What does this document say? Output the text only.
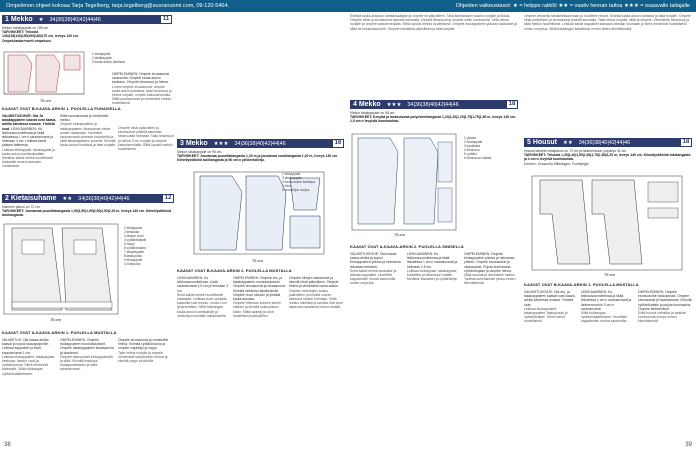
Ompelimon ohjeet kokoaa Tarja Tegelberg, tarja.tegelberg@suuranuomi.com, 09-120-5464.	Ohjeiden vaikeustasot: ★ = helppo ratkilö ★★ = vaativ hernan taitoa ★★★ = osaavalle taitajalle
1 Mekko ★ 34|36|38|40|42|44|46	11
Mekon takakappale on 155 cm.
TARVIKKEET: Trikoota 130|135|140|150|150|160|170 cm, leveys 140 cm. Ompelulanka+vartti ompeluun.
1 etukappale
2 takakappale
3 kaula-aukon kanttaus
75 cm
OMPELEMINEN: Ompele sivusaumat saumurilla. Ompele kaula-aukon kanttaus. Ompele hihansuut ja helma.
Lorem ompele sivusaumat, ompele kaula-aukon kanttaus, taita hihansuut ja helma nurjalle, ompele kaksoisneulalla. Silitä saumanvarat ja viimeistele mekko huolellisesti.
KAAVAT OVAT B-KAAVA-ARKIN 1. PUOLELLA PUNAISELLA
VALMISTUSOHJE: Ota Ja takakappaleen kaavat ovat kaava-arkilla kahdessa osassa. Yhdistä osat. LEIKKAAMINEN: Ks. leikkuusuunnitelmaa ja lisää leikkaessa 1 cm:n saumanvarat ja helmaan 3 cm. Leikkaa kaikki palaset taitteesta.
Leikkaa etukappale, takakappale ja kaula-aukon kanttauskaitale. Merkitse kaikki merkit huolellisesti kankaalle ennen kaavojen irrottamista.
Silitä saumanvarat ja viimeistele mekko.
Ompele etukappaleen ja takakappaleen olkasaumat oikeat puolet vastakkain. Huolittele saumanvarat yhdessä saumurilla ja silitä takakappaleen puolelle. Kiinnitä kaula-aukon kanttaus ja taita nurjalle.
Ompele hihat paikoilleen ja sivusaumat yhdellä saumalla hihansuista helmaan. Taita hihansuut ja helma 3 cm nurjalle ja ompele kaksoisneulalla. Silitä lopuksi mekko huolellisesti.
3 Mekko ★★★ 34|36|38|40|42|44|46	16
Mekon takakappale on 95 cm.
TARVIKKEET: Joustavaa puuvillakangasta 1,30 m ja joustavaa vuorikangasta 1,20 m, leveys 140 cm. Kiinnitystikkinä tukikangasta ja 60 cm:n piilovetoketju.
1 etukappale
2 takakappale
3 kaula-aukon kanttaus
4 hiha
5 vetoketjun suojus
75 cm
KAAVAT OVAT B-KAAVA-ARKIN 2. PUOLELLA MUSTALLA
LEIKKAAMINEN: Ks. leikkuusuunnitelmaa. Lisää saumanvarat 1,5 cm ja helmaan 3 cm.
Siirrä kaikki merkit huolellisesti kankaalle. Leikkaa vuori samoilla kaavoilla kuin mekko, mutta 2 cm lyhyemmäksi. Silitä tukikangas kaula-aukon kanttauksiin ja vetoketjun kohdalle takakeskelle.
OMPELEMINEN: Ompele etu- ja takakappaleen muotolaskokset. Ompele sivusaumat ja olkasaumat. Kiinnitä vetoketju takakeskelle. Ompele vuori samoin ja yhdistä kaula-aukosta.
Ompele helmaan kolmen sentin käänne ja kiinnitä sokkopistoin käsin. Silitä saumat ja vuori huolellisesti paikoilleen.
Ompele hihojen alasaumat ja kiinnitä hihat paikoilleen. Ompele helma ja viimeistele kaula-aukko.
Ompele vetoketjun suojus paikoilleen ja kiinnitä vuoren alareuna mekon helmaan. Silitä mekko valmiiksi ja tarkista että vuori laskeutuu tasaisesti mekon sisällä.
2 Kietaisuhame ★★ 34|36|38|40|42|44|46	12
Hameen pituus on 72 cm.
TARVIKKEET: Joustavaa puuvillakangasta 1,90|1,90|1,90|2,00|2,00|2,20 m, leveys 140 cm. Kiinnitystikkinä tukikangasta.
1 etukappale
2 keskiosa
3 taskun vuori
4 vyötärökaitale
5 nappi
6 vyötärönauha
7 takakappale
8 taskupussi
9 etukappale
10 kieputus
75 cm
KAAVAT OVAT A-KAAVA-ARKIN 1. PUOLELLA MUSTALLA
VALMISTUS: Ota kaava-arkilta kaavat ja kopioi kaavapaperille. Leikkaa kappaleet ja lisää saumanvarat 1 cm.
Leikkaa etukappaleet, takakappale, keskiosa, taskun vuori ja vyötärönauha. Siirrä merkinnät kankaalle. Silitä tukikangas vyötärökaitaleeseen.
OMPELEMINEN: Ompele etukappaleen muotolaskokset. Ompele takakappaleen keskisauma ja laskokset.
Ompele taskupussit etukappaleisiin ja silitä. Kiinnitä keskiosa etukappaleeseen ja silitä saumanvarat.
Ompele sivusaumat ja viimeistele helma. Kiinnitä vyötärönauha ja ompele napinläpi ja nappi.
Taita helma nurjalle ja ompele. Viimeistele kieputuksen reunat ja kiinnitä nappi vyötärölle.
38
4 Mekko ★★★ 34|36|38|40|42|44|46	18
Kiinnitä kaula-aukkoon kanttauskaitale ja ompele se paikoilleen. Taita kanttauksen sauma nurjalle ja tikkaa. Ompele hihat ja sivusaumat samalla saumalla. Kiinnitä hihansuut ja ompele niihin kuminauha. Taita helma nurjalle ja ompele kaksoisneulalla. Silitä lopuksi mekko huolellisesti. Ompele etukappaleen yläosan laskokset ja silitä ne keskustaa kohti. Ompele kaulalista paikoilleen ja taita nurjalle.
Mekon takakappale on 98 cm.
TARVIKKEET: Kevyttä ja laskeutuvaa polyesterikangasta 1,20|1,20|1,20|1,75|1,75|1,80 m, leveys 140 cm. 1,5 cm:n levyistä kuminauhaa.
1 yläosa
2 etukappale
3 kaulalista
4 hihansuu
5 vyötärö
6 hihansuun kaitale
75 cm
KAAVAT OVAT A-KAAVA-ARKIN 2. PUOLELLA SINISELLÄ
VALMISTUSOHJE: Ota kaavat kaava-arkilta ja kopioi. Etukappaleen yläosa ja helmaosa leikataan erikseen.
Siirrä kaikki merkit kankaalle ja leikkaa kappaleet. Huolittele kappaleiden reunat saumurilla ennen ompelua.
LEIKKAAMINEN: Ks. leikkuusuunnitelmaa ja lisää leikatessa 1 cm:n saumanvarat ja helmaan 2,5 cm.
Leikkaa etukappale, takakappale, kaulalista ja hihansuun kaitale. Merkitse laskokset ja vyötärölinja.
OMPELEMINEN: Ompele etukappaleen yläosa ja helmaosa yhteen. Ompele sivusaumat ja olkasaumat. Pujota kuminauha vyötärökujaan ja ompele helma.
Silitä saumat ja viimeistele mekko. Tarkista kuminauhan pituus ennen kiinnittämistä.
5 Housut ★★ 34|36|38|40|42|44|46	18
Ompele vetoketju takakeskisaumaan ja huolittele reunat. Kiinnitä kaula-aukon kanttaus ja taita nurjalle. Ompele hihat paikoilleen ja sivusaumat yhdellä saumalla. Taita helma nurjalle, silitä ja ompele. Viimeistele hihansuut ja silitä mekko huolellisesti. Leikkaa kaikki kappaleet kankaan oikeaan suuntaan ja siirrä merkinnät huolellisesti ennen ompelua. Silitä tukikangas kaitaleisiin ennen niiden kiinnittämistä.
Housut lahkeen sisäpituus on 72 cm ja lahkeensuun ympärys 32 cm.
TARVIKKEET: Trikoota 1,30|1,40|1,50|1,60|1,70|1,80|2,20 m, leveys 140 cm. Kiinnitystikkinä tukikangasta ja 4 cm:n levyistä kuminauhaa.
Korrenv: Kossuutin-Silkkitugos: Furnityrigis
75 cm
KAAVAT OVAT B-KAAVA-ARKIN 1. PUOLELLA MUSTALLA
VALMISTUSOHJE: Ota etu- ja takakappaleen kaavat ovat kaava-arkilla kahdessa osassa. Yhdistä osat.
Leikkaa etukappaleet, takakappaleet, taskupussit ja vyötärökaitale. Siirrä merkit huolellisesti.
LEIKKAAMINEN: Ks. leikkuusuunnitelmaa ja lisää leikatessa 1 cm:n saumanvarat ja lahkeensuuhin 3 cm:n saumanvarat.
Silitä tukikangas vyötärökaitaleeseen. Huolittele kappaleiden reunat saumurilla.
OMPELEMINEN: Ompele etumuotoihin taskupussit. Ompele sivusaumat ja haarasauma. Kiinnitä vyötärökaitale ja pujota kuminauha. Ompele lahkeensuut.
Silitä housut valmiiksi ja tarkista kuminauhan kireys ennen kiinnittämistä.
39
